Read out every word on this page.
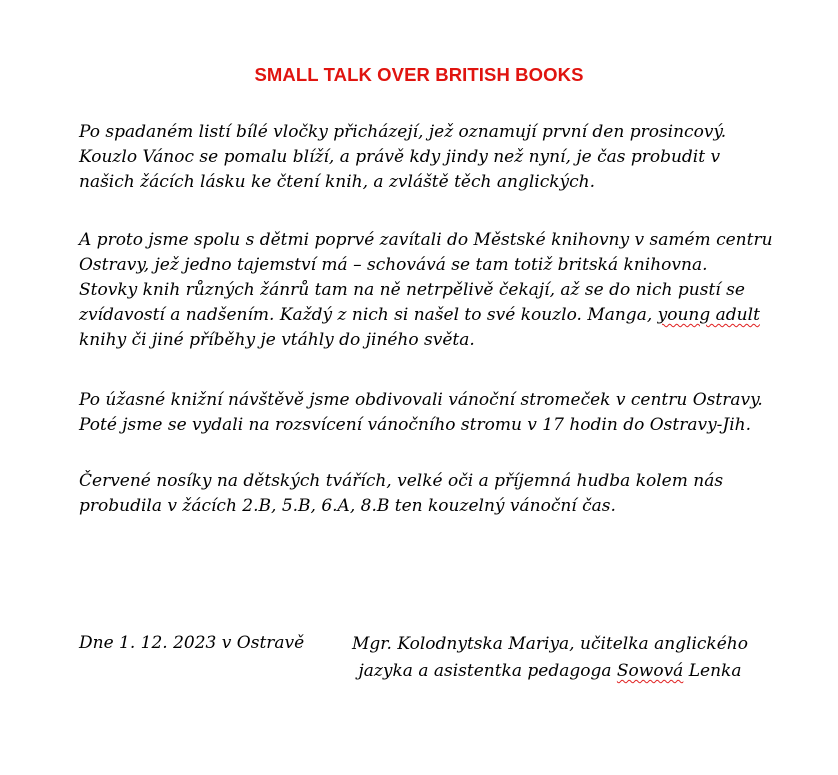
SMALL TALK OVER BRITISH BOOKS
Po spadaném listí bílé vločky přicházejí, jež oznamují první den prosincový.
Kouzlo Vánoc se pomalu blíží, a právě kdy jindy než nyní, je čas probudit v
našich žácích lásku ke čtení knih, a zvláště těch anglických.
A proto jsme spolu s dětmi poprvé zavítali do Městské knihovny v samém centru
Ostravy, jež jedno tajemství má – schovává se tam totiž britská knihovna.
Stovky knih různých žánrů tam na ně netrpělivě čekají, až se do nich pustí se
zvídavostí a nadšením. Každý z nich si našel to své kouzlo. Manga, young adult
knihy či jiné příběhy je vtáhly do jiného světa.
Po úžasné knižní návštěvě jsme obdivovali vánoční stromeček v centru Ostravy.
Poté jsme se vydali na rozsvícení vánočního stromu v 17 hodin do Ostravy-Jih.
Červené nosíky na dětských tvářích, velké oči a příjemná hudba kolem nás
probudila v žácích 2.B, 5.B, 6.A, 8.B ten kouzelný vánoční čas.
Dne 1. 12. 2023 v Ostravě	Mgr. Kolodnytska Mariya, učitelka anglického
jazyka a asistentka pedagoga Sowová Lenka
